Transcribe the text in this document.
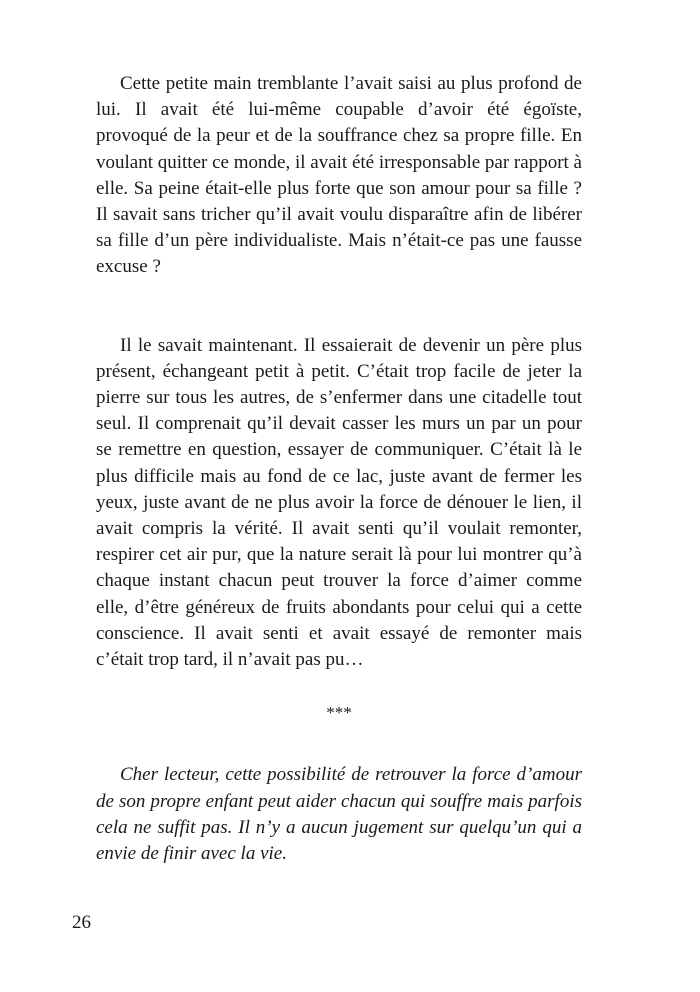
Cette petite main tremblante l’avait saisi au plus profond de lui. Il avait été lui-même coupable d’avoir été égoïste, provoqué de la peur et de la souffrance chez sa propre fille. En voulant quitter ce monde, il avait été irresponsable par rapport à elle. Sa peine était-elle plus forte que son amour pour sa fille ? Il savait sans tricher qu’il avait voulu disparaître afin de libérer sa fille d’un père individualiste. Mais n’était-ce pas une fausse excuse ?

Il le savait maintenant. Il essaierait de devenir un père plus présent, échangeant petit à petit. C’était trop facile de jeter la pierre sur tous les autres, de s’enfermer dans une citadelle tout seul. Il comprenait qu’il devait casser les murs un par un pour se remettre en question, essayer de communiquer. C’était là le plus difficile mais au fond de ce lac, juste avant de fermer les yeux, juste avant de ne plus avoir la force de dénouer le lien, il avait compris la vérité. Il avait senti qu’il voulait remonter, respirer cet air pur, que la nature serait là pour lui montrer qu’à chaque instant chacun peut trouver la force d’aimer comme elle, d’être généreux de fruits abondants pour celui qui a cette conscience. Il avait senti et avait essayé de remonter mais c’était trop tard, il n’avait pas pu…

***

Cher lecteur, cette possibilité de retrouver la force d’amour de son propre enfant peut aider chacun qui souffre mais parfois cela ne suffit pas. Il n’y a aucun jugement sur quelqu’un qui a envie de finir avec la vie.

26
